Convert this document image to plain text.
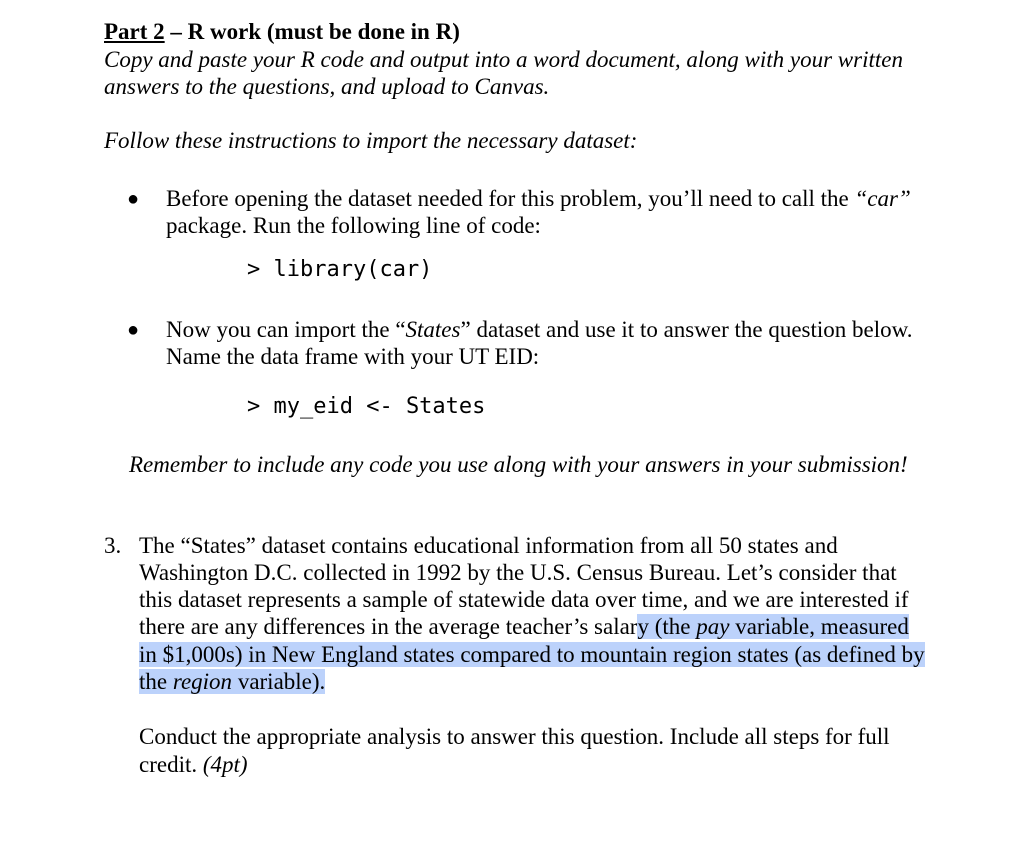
Part 2 – R work (must be done in R)
Copy and paste your R code and output into a word document, along with your written
answers to the questions, and upload to Canvas.
Follow these instructions to import the necessary dataset:
● Before opening the dataset needed for this problem, you’ll need to call the “car”
package. Run the following line of code:
> library(car)
● Now you can import the “States” dataset and use it to answer the question below.
Name the data frame with your UT EID:
> my_eid <- States
Remember to include any code you use along with your answers in your submission!
3. The “States” dataset contains educational information from all 50 states and
Washington D.C. collected in 1992 by the U.S. Census Bureau. Let’s consider that
this dataset represents a sample of statewide data over time, and we are interested if
there are any differences in the average teacher’s salary (the pay variable, measured
in $1,000s) in New England states compared to mountain region states (as defined by
the region variable).
Conduct the appropriate analysis to answer this question. Include all steps for full
credit. (4pt)
